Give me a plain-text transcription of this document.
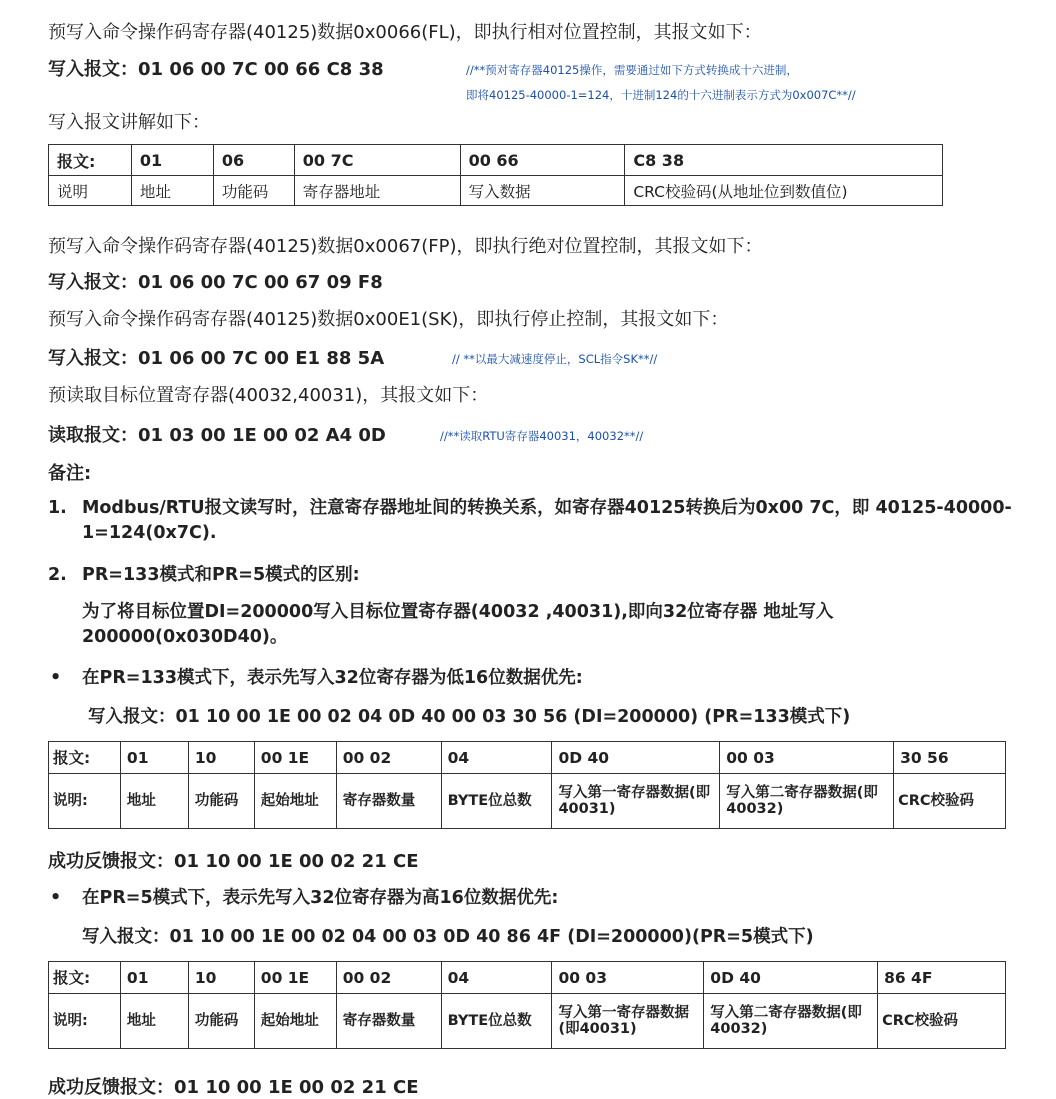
预写入命令操作码寄存器(40125)数据0x0066(FL)，即执行相对位置控制，其报文如下：
写入报文：01 06 00 7C 00 66 C8 38	//**预对寄存器40125操作，需要通过如下方式转换成十六进制，
即将40125-40000-1=124，十进制124的十六进制表示方式为0x007C**//
写入报文讲解如下：
报文:	01	06	00 7C	00 66	C8 38
说明	地址	功能码	寄存器地址	写入数据	CRC校验码(从地址位到数值位)
预写入命令操作码寄存器(40125)数据0x0067(FP)，即执行绝对位置控制，其报文如下：
写入报文：01 06 00 7C 00 67 09 F8
预写入命令操作码寄存器(40125)数据0x00E1(SK)，即执行停止控制，其报文如下：
写入报文：01 06 00 7C 00 E1 88 5A	// **以最大减速度停止，SCL指令SK**//
预读取目标位置寄存器(40032,40031)，其报文如下：
读取报文：01 03 00 1E 00 02 A4 0D	//**读取RTU寄存器40031，40032**//
备注:
1. Modbus/RTU报文读写时，注意寄存器地址间的转换关系，如寄存器40125转换后为0x00 7C，即 40125-40000-1=124(0x7C).
2. PR=133模式和PR=5模式的区别:
为了将目标位置DI=200000写入目标位置寄存器(40032 ,40031),即向32位寄存器 地址写入 200000(0x030D40)。
• 在PR=133模式下，表示先写入32位寄存器为低16位数据优先:
写入报文：01 10 00 1E 00 02 04 0D 40 00 03 30 56 (DI=200000) (PR=133模式下)
报文:	01	10	00 1E	00 02	04	0D 40	00 03	30 56
说明:	地址	功能码	起始地址	寄存器数量	BYTE位总数	写入第一寄存器数据(即40031)	写入第二寄存器数据(即40032)	CRC校验码
成功反馈报文：01 10 00 1E 00 02 21 CE
• 在PR=5模式下，表示先写入32位寄存器为高16位数据优先:
写入报文：01 10 00 1E 00 02 04 00 03 0D 40 86 4F (DI=200000)(PR=5模式下)
报文:	01	10	00 1E	00 02	04	00 03	0D 40	86 4F
说明:	地址	功能码	起始地址	寄存器数量	BYTE位总数	写入第一寄存器数据(即40031)	写入第二寄存器数据(即40032)	CRC校验码
成功反馈报文：01 10 00 1E 00 02 21 CE
